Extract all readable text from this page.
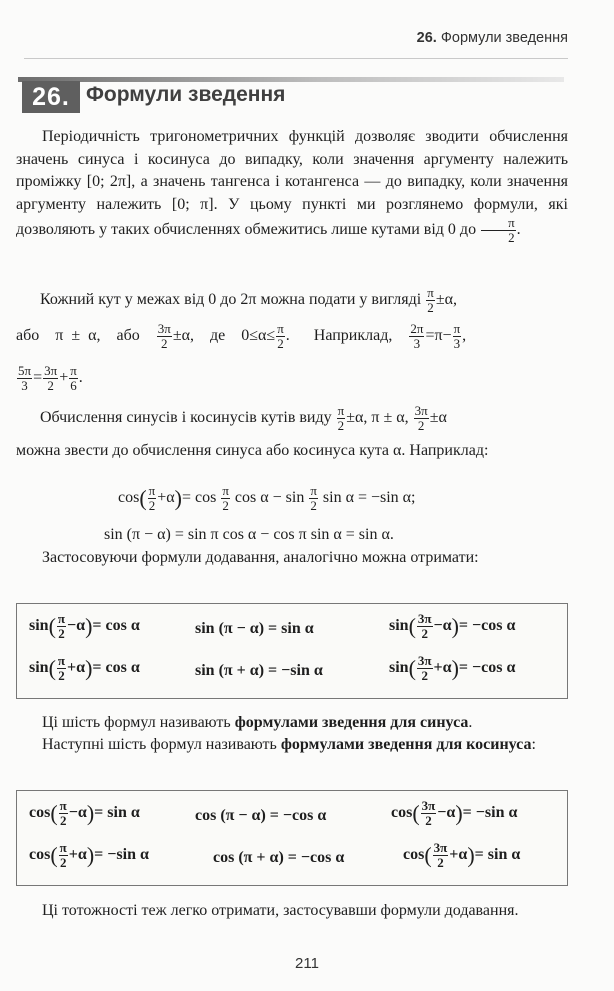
26. Формули зведення
26. Формули зведення
Періодичність тригонометричних функцій дозволяє зводити обчислення значень синуса і косинуса до випадку, коли значення аргументу належить проміжку [0; 2π], а значень тангенса і котангенса — до випадку, коли значення аргументу належить [0; π]. У цьому пункті ми розглянемо формули, які дозволяють у таких обчисленнях обмежитись лише кутами від 0 до $\frac{\pi}{2}$ .
Кожний кут у межах від 0 до 2π можна подати у вигляді $\frac{\pi}{2} \pm\alpha$,
або π ± α, або $\frac{3\pi}{2} \pm\alpha$,  де  $0\le\alpha\le \frac{\pi}{2}$ .   Наприклад, $\frac{2\pi}{3} =\pi- \frac{\pi}{3}$ ,
$\frac{5\pi}{3} = \frac{3\pi}{2} + \frac{\pi}{6}$ .
Обчислення синусів і косинусів кутів виду $\frac{\pi}{2} \pm\alpha$, π ± α, $\frac{3\pi}{2} \pm\alpha$
можна звести до обчислення синуса або косинуса кута α. Наприклад:
$\cos( \frac{\pi}{2} +\alpha)= \cos \frac{\pi}{2}$ $\cos \alpha - \sin \frac{\pi}{2}$ sin α = −sin α;
sin (π − α) = sin π cos α − cos π sin α = sin α.
Застосовуючи формули додавання, аналогічно можна отримати:
$\sin( \frac{\pi}{2} -\alpha)= \cos \alpha$	sin (π − α) = sin α	$\sin( \frac{3\pi}{2} -\alpha)= -\cos$ α
$\sin( \frac{\pi}{2} +\alpha)= \cos \alpha$	sin (π + α) = −sin α	$\sin( \frac{3\pi}{2} +\alpha)= -\cos$ α
Ці шість формул називають формулами зведення для синуса.
Наступні шість формул називають формулами зведення для косинуса:
$\cos( \frac{\pi}{2} -\alpha)= \sin \alpha$	cos (π − α) = −cos α	$\cos( \frac{3\pi}{2} -\alpha)= -\sin$ α
$\cos( \frac{\pi}{2} +\alpha)= -\sin$ α	cos (π + α) = −cos α	$\cos( \frac{3\pi}{2} +\alpha)= \sin \alpha$
Ці тотожності теж легко отримати, застосувавши формули додавання.
211
